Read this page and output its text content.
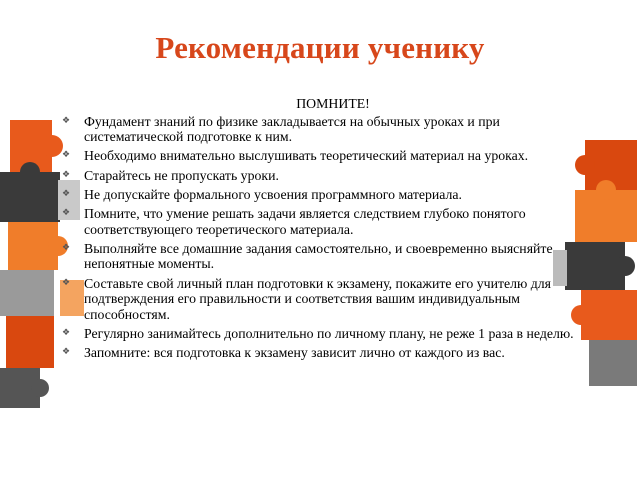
Рекомендации ученику
ПОМНИТЕ!
❖ Фундамент знаний по физике закладывается на обычных уроках и при систематической подготовке к ним.
❖ Необходимо внимательно выслушивать теоретический материал на уроках.
❖ Старайтесь не пропускать уроки.
❖ Не допускайте формального усвоения программного материала.
❖ Помните, что умение решать задачи является следствием глубоко понятого соответствующего теоретического материала.
❖ Выполняйте все домашние задания самостоятельно, и своевременно выясняйте непонятные моменты.
❖ Составьте свой личный план подготовки к экзамену, покажите его учителю для подтверждения его правильности и соответствия вашим индивидуальным способностям.
❖ Регулярно занимайтесь дополнительно по личному плану, не реже 1 раза в неделю.
❖ Запомните: вся подготовка к экзамену зависит лично от каждого из вас.
